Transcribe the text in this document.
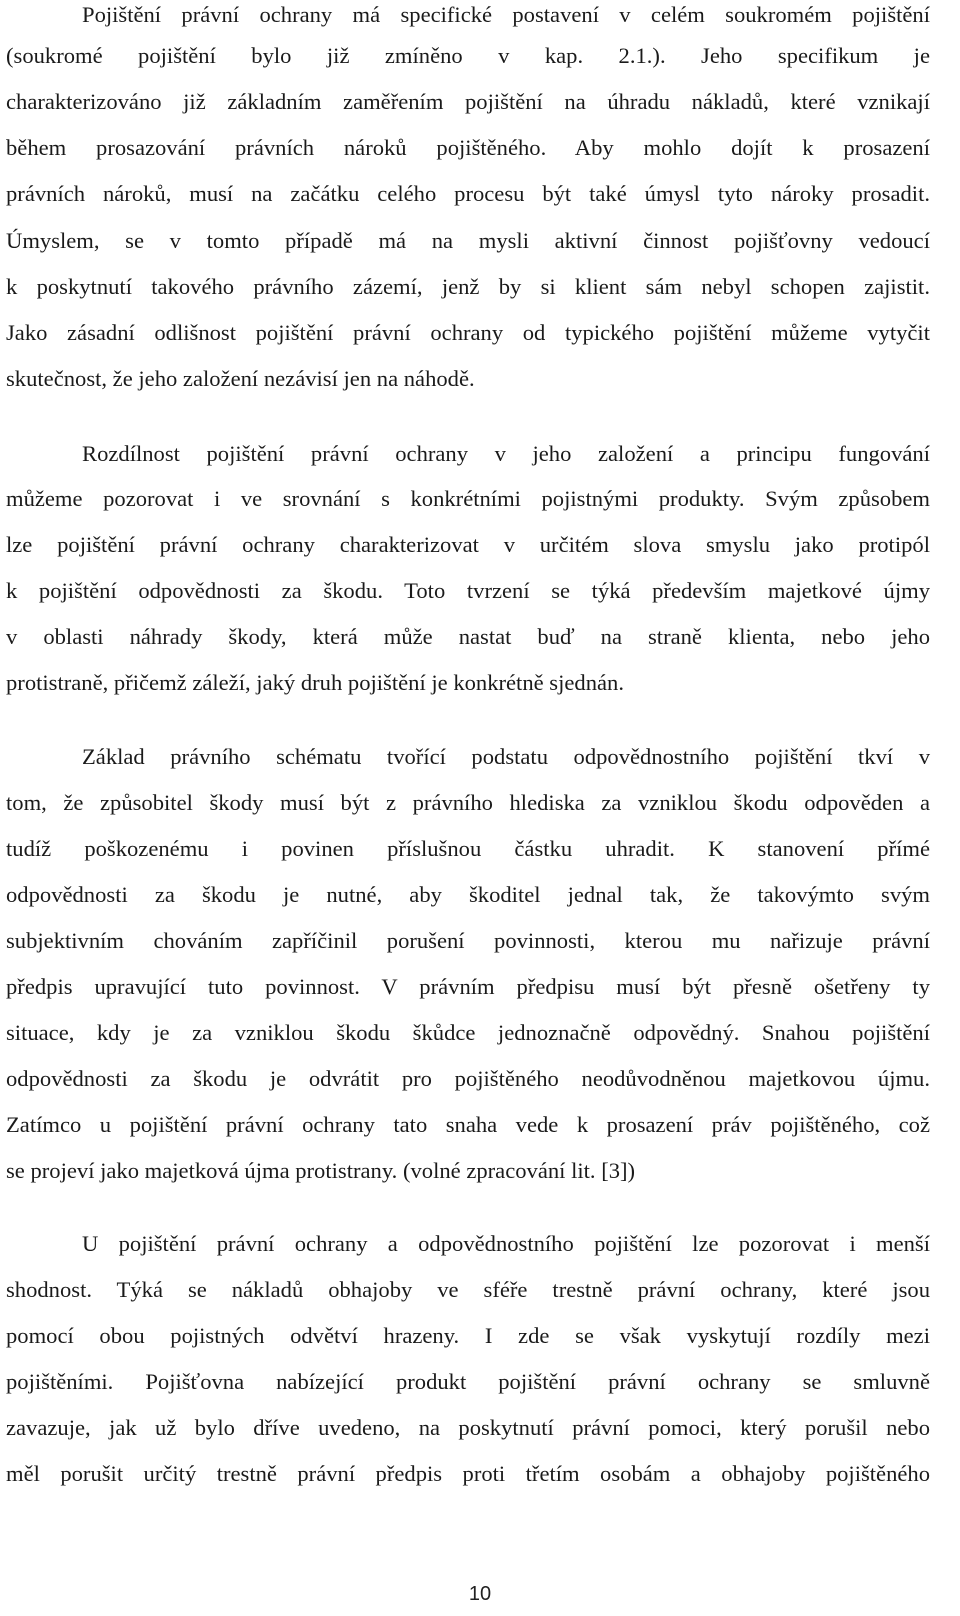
Pojištění právní ochrany má specifické postavení v celém soukromém pojištění
(soukromé pojištění bylo již zmíněno v kap. 2.1.). Jeho specifikum je
charakterizováno již základním zaměřením pojištění na úhradu nákladů, které vznikají
během prosazování právních nároků pojištěného. Aby mohlo dojít k prosazení
právních nároků, musí na začátku celého procesu být také úmysl tyto nároky prosadit.
Úmyslem, se v tomto případě má na mysli aktivní činnost pojišťovny vedoucí
k poskytnutí takového právního zázemí, jenž by si klient sám nebyl schopen zajistit.
Jako zásadní odlišnost pojištění právní ochrany od typického pojištění můžeme vytyčit
skutečnost, že jeho založení nezávisí jen na náhodě.
Rozdílnost pojištění právní ochrany v jeho založení a principu fungování
můžeme pozorovat i ve srovnání s konkrétními pojistnými produkty. Svým způsobem
lze pojištění právní ochrany charakterizovat v určitém slova smyslu jako protipól
k pojištění odpovědnosti za škodu. Toto tvrzení se týká především majetkové újmy
v oblasti náhrady škody, která může nastat buď na straně klienta, nebo jeho
protistraně, přičemž záleží, jaký druh pojištění je konkrétně sjednán.
Základ právního schématu tvořící podstatu odpovědnostního pojištění tkví v
tom, že způsobitel škody musí být z právního hlediska za vzniklou škodu odpověden a
tudíž poškozenému i povinen příslušnou částku uhradit. K stanovení přímé
odpovědnosti za škodu je nutné, aby škoditel jednal tak, že takovýmto svým
subjektivním chováním zapříčinil porušení povinnosti, kterou mu nařizuje právní
předpis upravující tuto povinnost. V právním předpisu musí být přesně ošetřeny ty
situace, kdy je za vzniklou škodu škůdce jednoznačně odpovědný. Snahou pojištění
odpovědnosti za škodu je odvrátit pro pojištěného neodůvodněnou majetkovou újmu.
Zatímco u pojištění právní ochrany tato snaha vede k prosazení práv pojištěného, což
se projeví jako majetková újma protistrany. (volné zpracování lit. [3])
U pojištění právní ochrany a odpovědnostního pojištění lze pozorovat i menší
shodnost. Týká se nákladů obhajoby ve sféře trestně právní ochrany, které jsou
pomocí obou pojistných odvětví hrazeny. I zde se však vyskytují rozdíly mezi
pojištěními. Pojišťovna nabízející produkt pojištění právní ochrany se smluvně
zavazuje, jak už bylo dříve uvedeno, na poskytnutí právní pomoci, který porušil nebo
měl porušit určitý trestně právní předpis proti třetím osobám a obhajoby pojištěného
10
